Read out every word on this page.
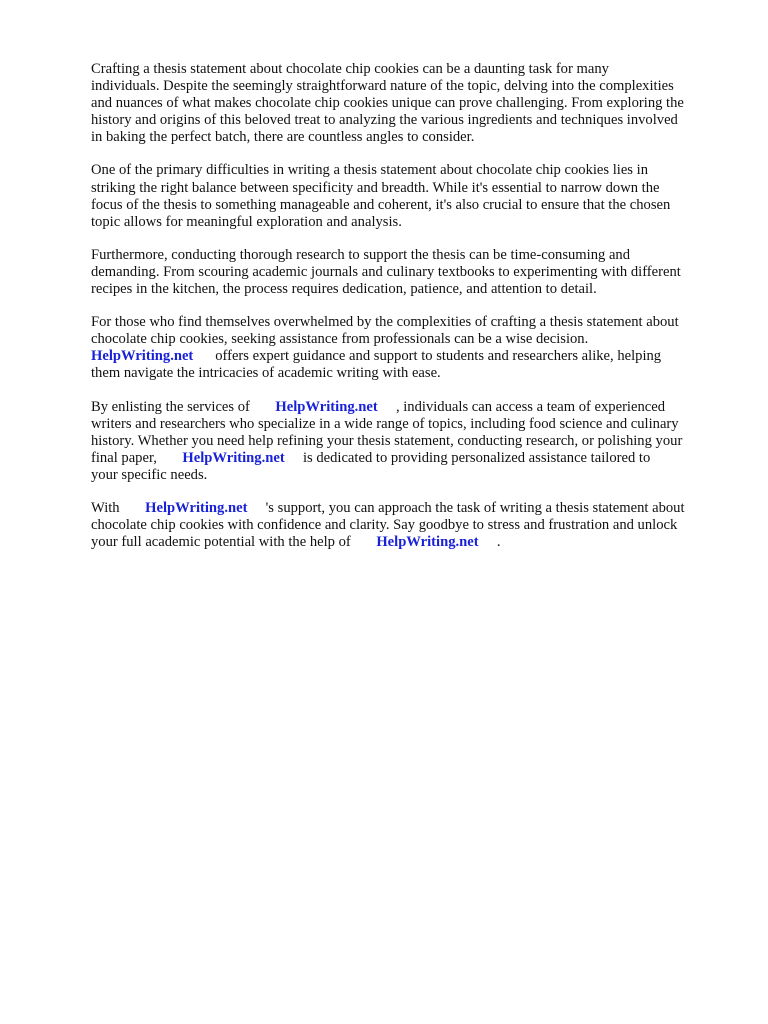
Crafting a thesis statement about chocolate chip cookies can be a daunting task for many
individuals. Despite the seemingly straightforward nature of the topic, delving into the complexities
and nuances of what makes chocolate chip cookies unique can prove challenging. From exploring the
history and origins of this beloved treat to analyzing the various ingredients and techniques involved
in baking the perfect batch, there are countless angles to consider.

One of the primary difficulties in writing a thesis statement about chocolate chip cookies lies in
striking the right balance between specificity and breadth. While it's essential to narrow down the
focus of the thesis to something manageable and coherent, it's also crucial to ensure that the chosen
topic allows for meaningful exploration and analysis.

Furthermore, conducting thorough research to support the thesis can be time-consuming and
demanding. From scouring academic journals and culinary textbooks to experimenting with different
recipes in the kitchen, the process requires dedication, patience, and attention to detail.

For those who find themselves overwhelmed by the complexities of crafting a thesis statement about
chocolate chip cookies, seeking assistance from professionals can be a wise decision.
HelpWriting.net      offers expert guidance and support to students and researchers alike, helping
them navigate the intricacies of academic writing with ease.

By enlisting the services of       HelpWriting.net     , individuals can access a team of experienced
writers and researchers who specialize in a wide range of topics, including food science and culinary
history. Whether you need help refining your thesis statement, conducting research, or polishing your
final paper,       HelpWriting.net     is dedicated to providing personalized assistance tailored to
your specific needs.

With       HelpWriting.net     's support, you can approach the task of writing a thesis statement about
chocolate chip cookies with confidence and clarity. Say goodbye to stress and frustration and unlock
your full academic potential with the help of       HelpWriting.net     .
